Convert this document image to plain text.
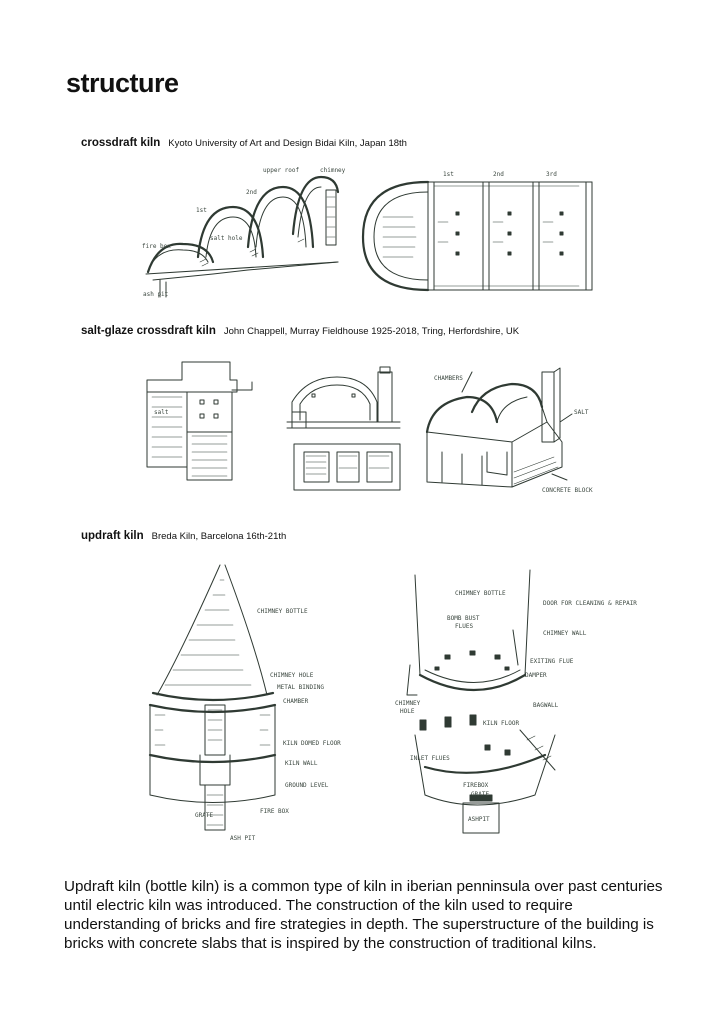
structure
crossdraft kiln Kyoto University of Art and Design Bidai Kiln, Japan 18th
fire box
ash pit
salt hole
1st
2nd
upper roof	chimney
1st	2nd	3rd
salt-glaze crossdraft kiln John Chappell, Murray Fieldhouse 1925-2018, Tring, Herfordshire, UK
salt
CHAMBERS
SALT
CONCRETE BLOCK
updraft kiln Breda Kiln, Barcelona 16th-21th
CHIMNEY BOTTLE
CHIMNEY HOLE
METAL BINDING
CHAMBER
KILN DOMED FLOOR
KILN WALL
GROUND LEVEL
FIRE BOX
GRATE
ASH PIT
CHIMNEY BOTTLE
DOOR FOR CLEANING & REPAIR
BOMB BUST
FLUES
CHIMNEY WALL
EXITING FLUE
DAMPER
CHIMNEY
HOLE
BAGWALL
KILN FLOOR
INLET FLUES
FIREBOX
GRATE
ASHPIT
Updraft kiln (bottle kiln) is a common type of kiln in iberian penninsula over past centuries until electric kiln was introduced. The construction of the kiln used to require understanding of bricks and fire strategies in depth. The superstructure of the building is bricks with concrete slabs that is inspired by the construction of traditional kilns.
